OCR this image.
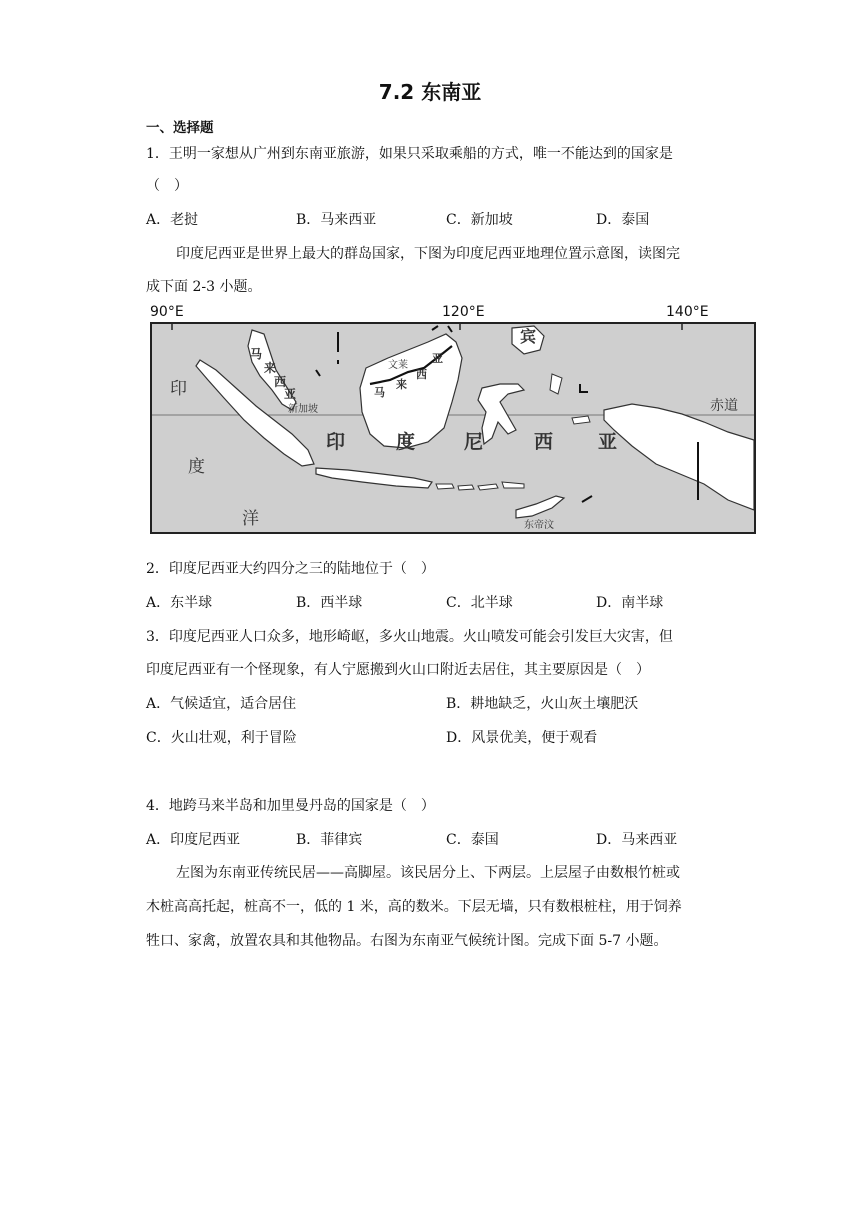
7.2 东南亚
一、选择题
1．王明一家想从广州到东南亚旅游，如果只采取乘船的方式，唯一不能达到的国家是
（　）
A．老挝	B．马来西亚	C．新加坡	D．泰国
印度尼西亚是世界上最大的群岛国家，下图为印度尼西亚地理位置示意图，读图完
成下面 2-3 小题。
90°E	120°E	140°E
赤道
印
度
洋
印	度	尼	西 亚
马
来
西
亚
新加坡
马
来
西
亚
文莱
宾
东帝汶
2．印度尼西亚大约四分之三的陆地位于（　）
A．东半球	B．西半球	C．北半球	D．南半球
3．印度尼西亚人口众多，地形崎岖，多火山地震。火山喷发可能会引发巨大灾害，但
印度尼西亚有一个怪现象，有人宁愿搬到火山口附近去居住，其主要原因是（　）
A．气候适宜，适合居住	B．耕地缺乏，火山灰土壤肥沃
C．火山壮观，利于冒险	D．风景优美，便于观看
4．地跨马来半岛和加里曼丹岛的国家是（　）
A．印度尼西亚	B．菲律宾	C．泰国	D．马来西亚
左图为东南亚传统民居——高脚屋。该民居分上、下两层。上层屋子由数根竹桩或
木桩高高托起，桩高不一，低的 1 米，高的数米。下层无墙，只有数根桩柱，用于饲养
牲口、家禽，放置农具和其他物品。右图为东南亚气候统计图。完成下面 5-7 小题。
